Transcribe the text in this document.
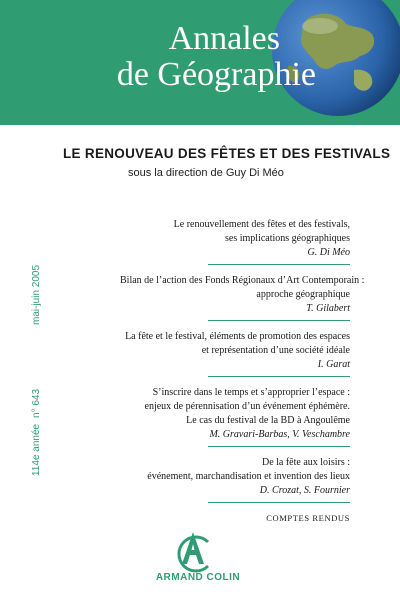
Annales
de Géographie
LE RENOUVEAU DES FÊTES ET DES FESTIVALS
sous la direction de Guy Di Méo
mai-juin 2005
n° 643
114e année
Le renouvellement des fêtes et des festivals,
ses implications géographiques
G. Di Méo
Bilan de l’action des Fonds Régionaux d’Art Contemporain :
approche géographique
T. Gilabert
La fête et le festival, éléments de promotion des espaces
et représentation d’une société idéale
I. Garat
S’inscrire dans le temps et s’approprier l’espace :
enjeux de pérennisation d’un événement éphémère.
Le cas du festival de la BD à Angoulême
M. Gravari-Barbas, V. Veschambre
De la fête aux loisirs :
événement, marchandisation et invention des lieux
D. Crozat, S. Fournier
COMPTES RENDUS
ARMAND COLIN
